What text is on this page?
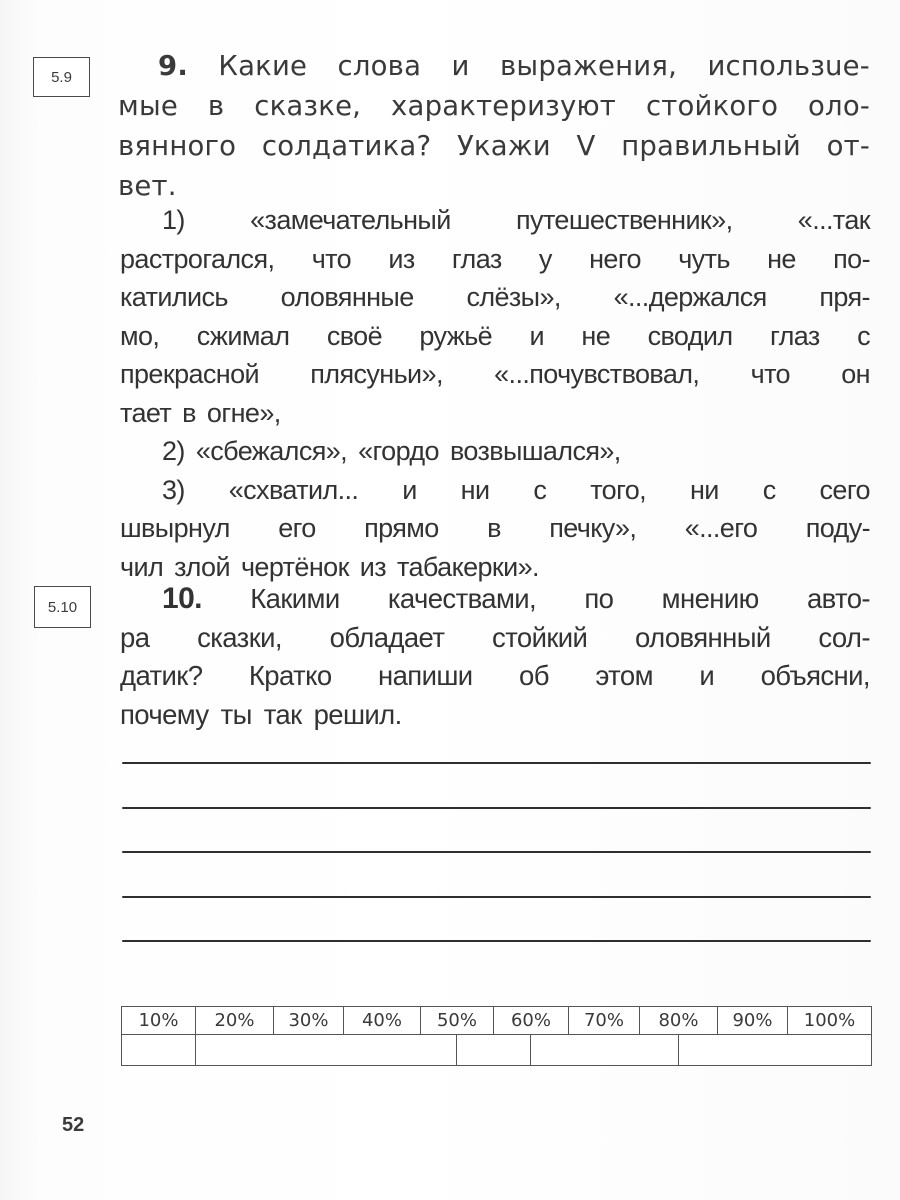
5.9	9. Какие слова и выражения, использue-
мые в сказке, характеризуют стойкого оло-
вянного солдатика? Укажи V правильный от-
вет.
1) «замечательный путешественник», «...так
растрогался, что из глаз у него чуть не по-
катились оловянные слёзы», «...держался пря-
мо, сжимал своё ружьё и не сводил глаз с
прекрасной плясуньи», «...почувствовал, что он
тает в огне»,
2) «сбежался», «гордо возвышался»,
3) «схватил... и ни с того, ни с сего
швырнул его прямо в печку», «...его поду-
чил злой чертёнок из табакерки».
5.10	10. Какими качествами, по мнению авто-
ра сказки, обладает стойкий оловянный сол-
датик? Кратко напиши об этом и объясни,
почему ты так решил.
10%	20%	30%	40%	50%	60%	70%	80%	90%	100%
52
